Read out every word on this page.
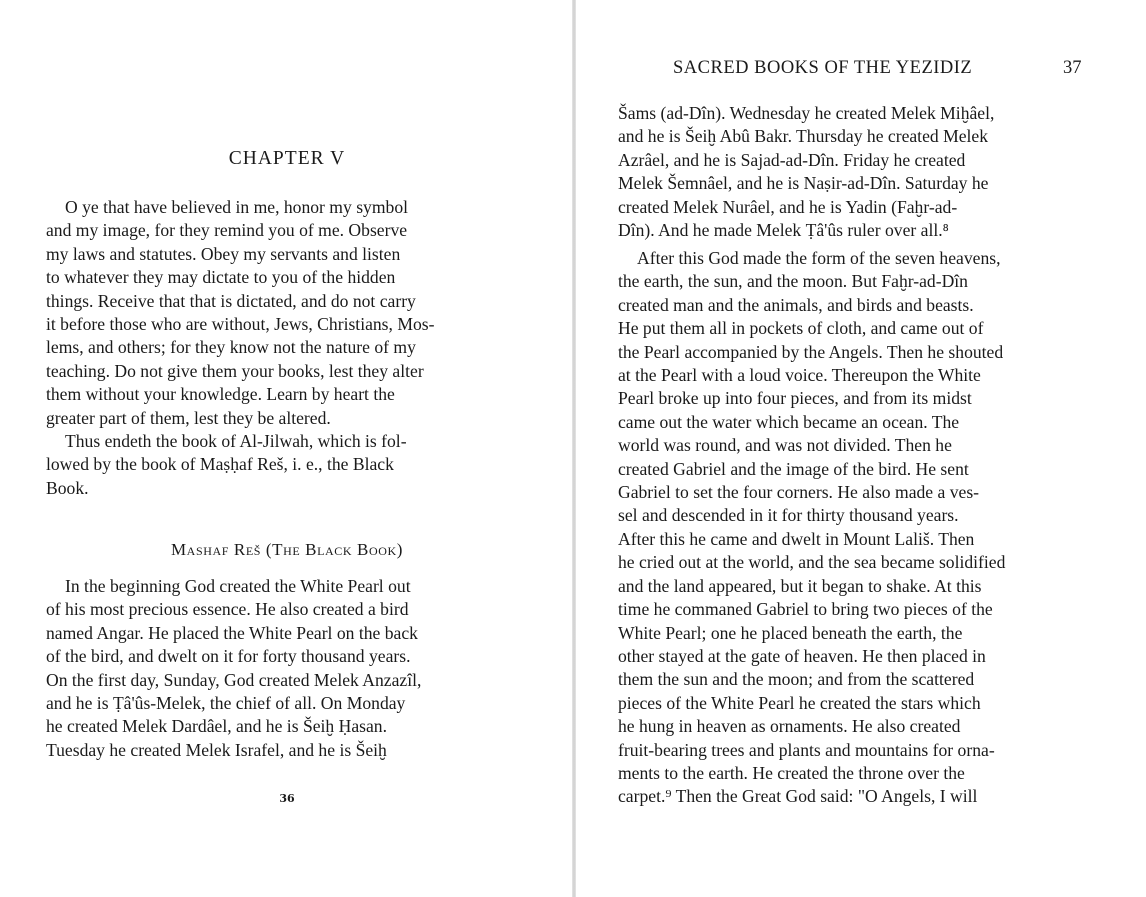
CHAPTER V
O ye that have believed in me, honor my symbol
and my image, for they remind you of me. Observe
my laws and statutes. Obey my servants and listen
to whatever they may dictate to you of the hidden
things. Receive that that is dictated, and do not carry
it before those who are without, Jews, Christians, Mos-
lems, and others; for they know not the nature of my
teaching. Do not give them your books, lest they alter
them without your knowledge. Learn by heart the
greater part of them, lest they be altered.
Thus endeth the book of Al-Jilwah, which is fol-
lowed by the book of Maṣḥaf Reš, i. e., the Black
Book.
Mashaf Reš (The Black Book)
In the beginning God created the White Pearl out
of his most precious essence. He also created a bird
named Angar. He placed the White Pearl on the back
of the bird, and dwelt on it for forty thousand years.
On the first day, Sunday, God created Melek Anzazîl,
and he is Ṭâ'ûs-Melek, the chief of all. On Monday
he created Melek Dardâel, and he is Šeiḫ Ḥasan.
Tuesday he created Melek Israfel, and he is Šeiḫ
36
SACRED BOOKS OF THE YEZIDIZ	37
Šams (ad-Dîn). Wednesday he created Melek Miḫâel,
and he is Šeiḫ Abû Bakr. Thursday he created Melek
Azrâel, and he is Sajad-ad-Dîn. Friday he created
Melek Šemnâel, and he is Naṣir-ad-Dîn. Saturday he
created Melek Nurâel, and he is Yadin (Faḫr-ad-
Dîn). And he made Melek Ṭâ'ûs ruler over all.⁸
After this God made the form of the seven heavens,
the earth, the sun, and the moon. But Faḫr-ad-Dîn
created man and the animals, and birds and beasts.
He put them all in pockets of cloth, and came out of
the Pearl accompanied by the Angels. Then he shouted
at the Pearl with a loud voice. Thereupon the White
Pearl broke up into four pieces, and from its midst
came out the water which became an ocean. The
world was round, and was not divided. Then he
created Gabriel and the image of the bird. He sent
Gabriel to set the four corners. He also made a ves-
sel and descended in it for thirty thousand years.
After this he came and dwelt in Mount Lališ. Then
he cried out at the world, and the sea became solidified
and the land appeared, but it began to shake. At this
time he commaned Gabriel to bring two pieces of the
White Pearl; one he placed beneath the earth, the
other stayed at the gate of heaven. He then placed in
them the sun and the moon; and from the scattered
pieces of the White Pearl he created the stars which
he hung in heaven as ornaments. He also created
fruit-bearing trees and plants and mountains for orna-
ments to the earth. He created the throne over the
carpet.⁹ Then the Great God said: "O Angels, I will
